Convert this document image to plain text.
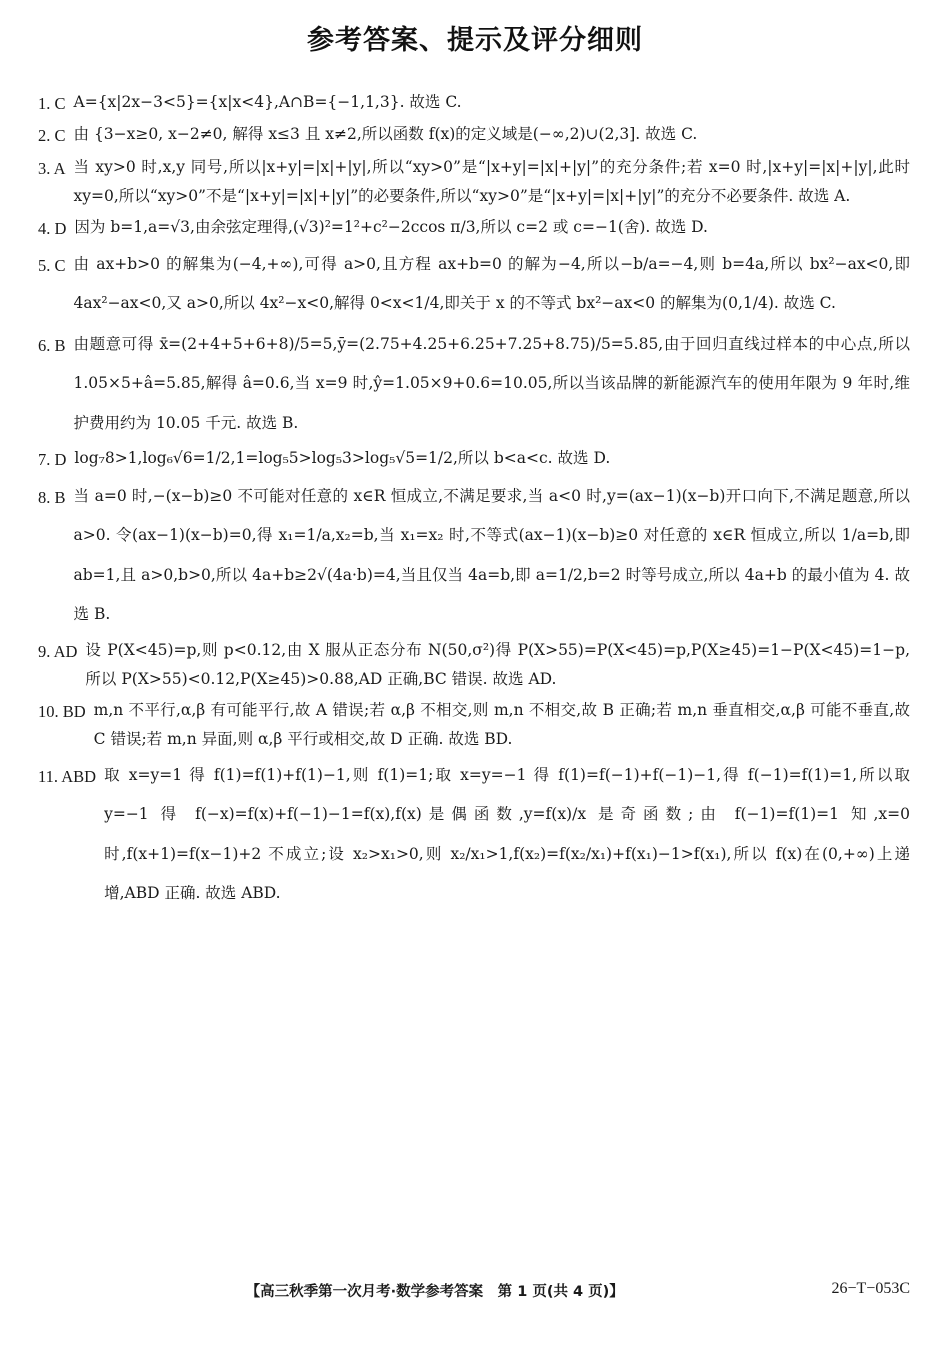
参考答案、提示及评分细则
1. C A={x|2x−3<5}={x|x<4},A∩B={−1,1,3}. 故选 C.
2. C 由 {3−x≥0, x−2≠0, 解得 x≤3 且 x≠2,所以函数 f(x)的定义域是(−∞,2)∪(2,3]. 故选 C.
3. A 当 xy>0 时,x,y 同号,所以|x+y|=|x|+|y|,所以“xy>0”是“|x+y|=|x|+|y|”的充分条件;若 x=0 时,|x+y|=|x|+|y|,此时 xy=0,所以“xy>0”不是“|x+y|=|x|+|y|”的必要条件,所以“xy>0”是“|x+y|=|x|+|y|”的充分不必要条件. 故选 A.
4. D 因为 b=1,a=√3,由余弦定理得,(√3)²=1²+c²−2ccos π/3,所以 c=2 或 c=−1(舍). 故选 D.
5. C 由 ax+b>0 的解集为(−4,+∞),可得 a>0,且方程 ax+b=0 的解为−4,所以−b/a=−4,则 b=4a,所以 bx²−ax<0,即 4ax²−ax<0,又 a>0,所以 4x²−x<0,解得 0<x<1/4,即关于 x 的不等式 bx²−ax<0 的解集为(0,1/4). 故选 C.
6. B 由题意可得 x̄=(2+4+5+6+8)/5=5,ȳ=(2.75+4.25+6.25+7.25+8.75)/5=5.85,由于回归直线过样本的中心点,所以 1.05×5+â=5.85,解得 â=0.6,当 x=9 时,ŷ=1.05×9+0.6=10.05,所以当该品牌的新能源汽车的使用年限为 9 年时,维护费用约为 10.05 千元. 故选 B.
7. D log₇8>1,log₆√6=1/2,1=log₅5>log₅3>log₅√5=1/2,所以 b<a<c. 故选 D.
8. B 当 a=0 时,−(x−b)≥0 不可能对任意的 x∈R 恒成立,不满足要求,当 a<0 时,y=(ax−1)(x−b)开口向下,不满足题意,所以 a>0. 令(ax−1)(x−b)=0,得 x₁=1/a,x₂=b,当 x₁=x₂ 时,不等式(ax−1)(x−b)≥0 对任意的 x∈R 恒成立,所以 1/a=b,即 ab=1,且 a>0,b>0,所以 4a+b≥2√(4a·b)=4,当且仅当 4a=b,即 a=1/2,b=2 时等号成立,所以 4a+b 的最小值为 4. 故选 B.
9. AD 设 P(X<45)=p,则 p<0.12,由 X 服从正态分布 N(50,σ²)得 P(X>55)=P(X<45)=p,P(X≥45)=1−P(X<45)=1−p,所以 P(X>55)<0.12,P(X≥45)>0.88,AD 正确,BC 错误. 故选 AD.
10. BD m,n 不平行,α,β 有可能平行,故 A 错误;若 α,β 不相交,则 m,n 不相交,故 B 正确;若 m,n 垂直相交,α,β 可能不垂直,故 C 错误;若 m,n 异面,则 α,β 平行或相交,故 D 正确. 故选 BD.
11. ABD 取 x=y=1 得 f(1)=f(1)+f(1)−1,则 f(1)=1;取 x=y=−1 得 f(1)=f(−1)+f(−1)−1,得 f(−1)=f(1)=1,所以取 y=−1 得 f(−x)=f(x)+f(−1)−1=f(x),f(x)是偶函数,y=f(x)/x 是奇函数;由 f(−1)=f(1)=1 知,x=0 时,f(x+1)=f(x−1)+2 不成立;设 x₂>x₁>0,则 x₂/x₁>1,f(x₂)=f(x₂/x₁)+f(x₁)−1>f(x₁),所以 f(x)在(0,+∞)上递增,ABD 正确. 故选 ABD.
【高三秋季第一次月考·数学参考答案　第 1 页(共 4 页)】	26−T−053C
